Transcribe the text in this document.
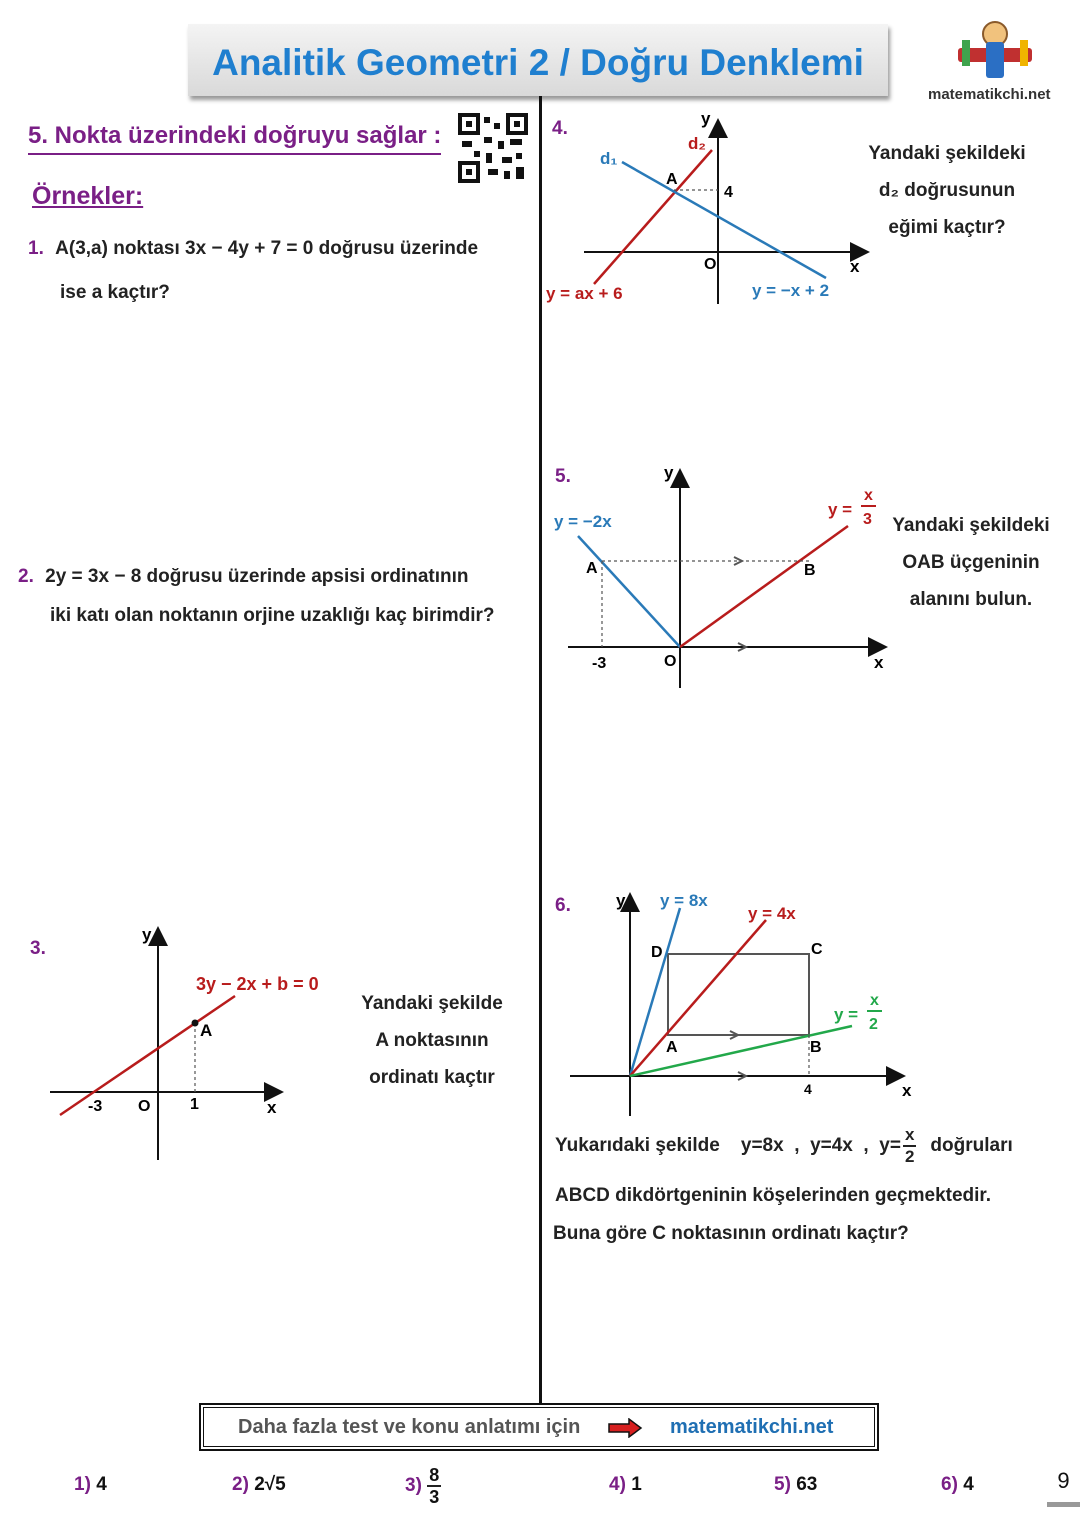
Analitik Geometri 2 / Doğru Denklemi
matematikchi.net
5. Nokta üzerindeki doğruyu sağlar :
Örnekler:
1. A(3,a) noktası 3x − 4y + 7 = 0 doğrusu üzerinde
ise a kaçtır?
2. 2y = 3x − 8 doğrusu üzerinde apsisi ordinatının
iki katı olan noktanın orjine uzaklığı kaç birimdir?
3.
y
x
-3 O 1
A
3y − 2x + b = 0
Yandaki şekilde
A noktasının
ordinatı kaçtır
4.	y
x
O
4
A
d₁
d₂
y = ax + 6	y = −x + 2
Yandaki şekildeki
d₂ doğrusunun
eğimi kaçtır?
5.	y
x
O
-3
A	B
y = −2x
y =
x
3	Yandaki şekildeki
OAB üçgeninin
alanını bulun.
6.	y
x
4
A	B
C
D
y = 8x
y = 4x
y =
x
2
Yukarıdaki şekilde    y=8x  ,  y=4x  ,  $y= \frac{x}{2}$ doğruları
ABCD dikdörtgeninin köşelerinden geçmektedir.
Buna göre C noktasının ordinatı kaçtır?
Daha fazla test ve konu anlatımı için	matematikchi.net
1) 4	2) 2√5	$3) \frac{8}{3}$	4) 1	5) 63	6) 4	9
